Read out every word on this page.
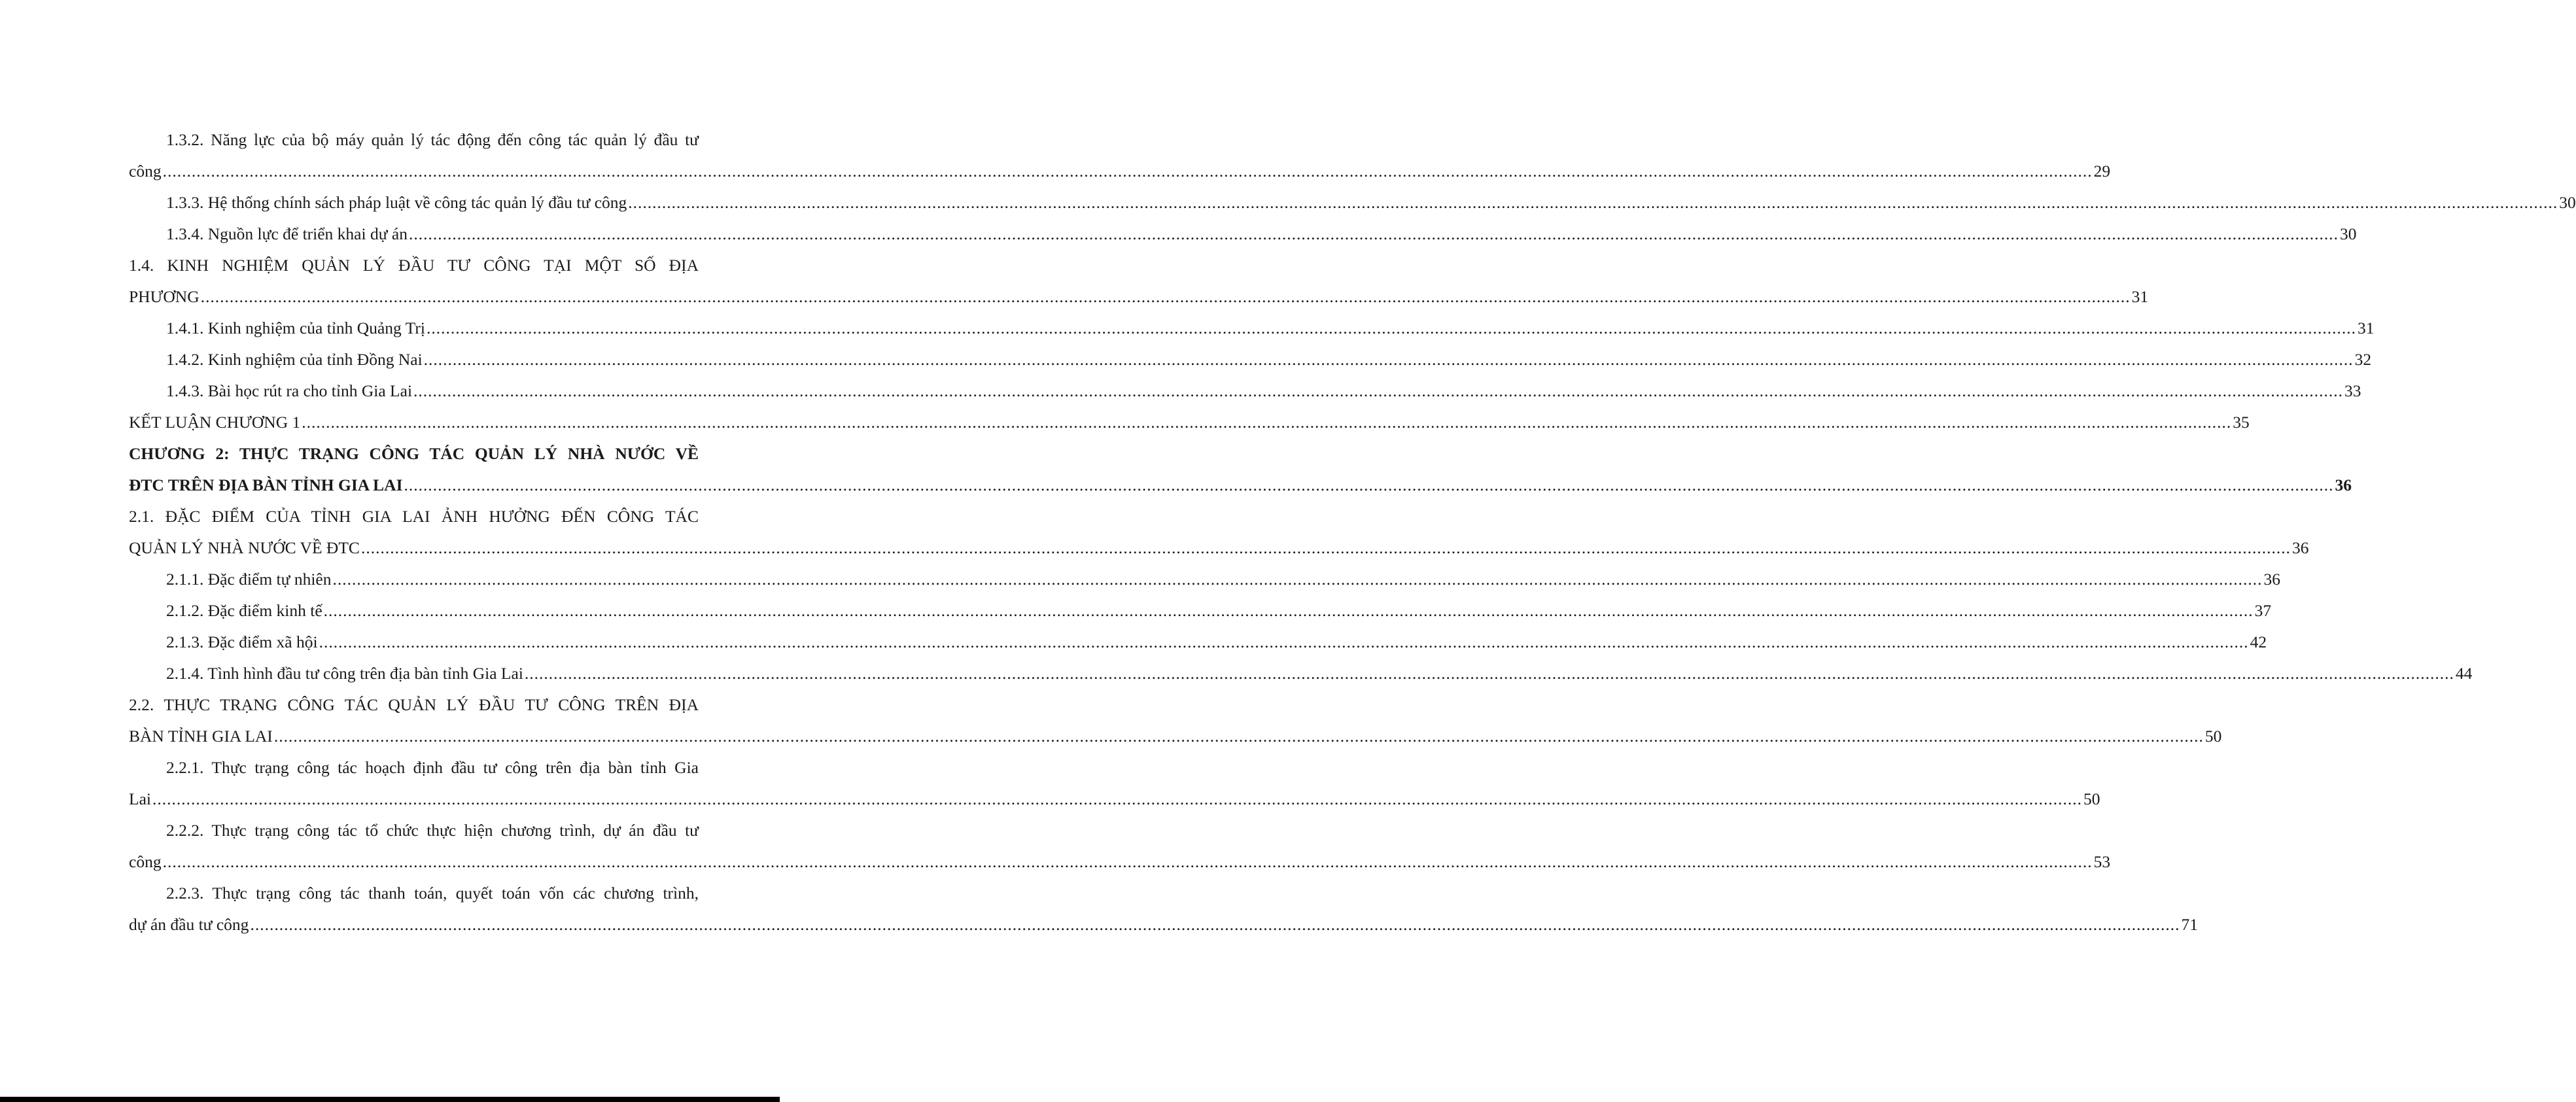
1.3.2. Năng lực của bộ máy quản lý tác động đến công tác quản lý đầu tư
công ................................................................................................................................................................................................................................................................................................................................................................................................................ 29
1.3.3. Hệ thống chính sách pháp luật về công tác quản lý đầu tư công ................................................................................................................................................................................................................................................................................................................................................................................................................ 30
1.3.4. Nguồn lực để triển khai dự án ................................................................................................................................................................................................................................................................................................................................................................................................................ 30
1.4. KINH NGHIỆM QUẢN LÝ ĐẦU TƯ CÔNG TẠI MỘT SỐ ĐỊA
PHƯƠNG ................................................................................................................................................................................................................................................................................................................................................................................................................ 31
1.4.1. Kinh nghiệm của tỉnh Quảng Trị ................................................................................................................................................................................................................................................................................................................................................................................................................ 31
1.4.2. Kinh nghiệm của tỉnh Đồng Nai ................................................................................................................................................................................................................................................................................................................................................................................................................ 32
1.4.3. Bài học rút ra cho tỉnh Gia Lai ................................................................................................................................................................................................................................................................................................................................................................................................................ 33
KẾT LUẬN CHƯƠNG 1 ................................................................................................................................................................................................................................................................................................................................................................................................................ 35
CHƯƠNG 2: THỰC TRẠNG CÔNG TÁC QUẢN LÝ NHÀ NƯỚC VỀ
ĐTC TRÊN ĐỊA BÀN TỈNH GIA LAI ................................................................................................................................................................................................................................................................................................................................................................................................................ 36
2.1. ĐẶC ĐIỂM CỦA TỈNH GIA LAI ẢNH HƯỞNG ĐẾN CÔNG TÁC
QUẢN LÝ NHÀ NƯỚC VỀ ĐTC ................................................................................................................................................................................................................................................................................................................................................................................................................ 36
2.1.1. Đặc điểm tự nhiên ................................................................................................................................................................................................................................................................................................................................................................................................................ 36
2.1.2. Đặc điểm kinh tế ................................................................................................................................................................................................................................................................................................................................................................................................................ 37
2.1.3. Đặc điểm xã hội ................................................................................................................................................................................................................................................................................................................................................................................................................ 42
2.1.4. Tình hình đầu tư công trên địa bàn tỉnh Gia Lai ................................................................................................................................................................................................................................................................................................................................................................................................................ 44
2.2. THỰC TRẠNG CÔNG TÁC QUẢN LÝ ĐẦU TƯ CÔNG TRÊN ĐỊA
BÀN TỈNH GIA LAI ................................................................................................................................................................................................................................................................................................................................................................................................................ 50
2.2.1. Thực trạng công tác hoạch định đầu tư công trên địa bàn tỉnh Gia
Lai ................................................................................................................................................................................................................................................................................................................................................................................................................ 50
2.2.2. Thực trạng công tác tổ chức thực hiện chương trình, dự án đầu tư
công ................................................................................................................................................................................................................................................................................................................................................................................................................ 53
2.2.3. Thực trạng công tác thanh toán, quyết toán vốn các chương trình,
dự án đầu tư công ................................................................................................................................................................................................................................................................................................................................................................................................................ 71
